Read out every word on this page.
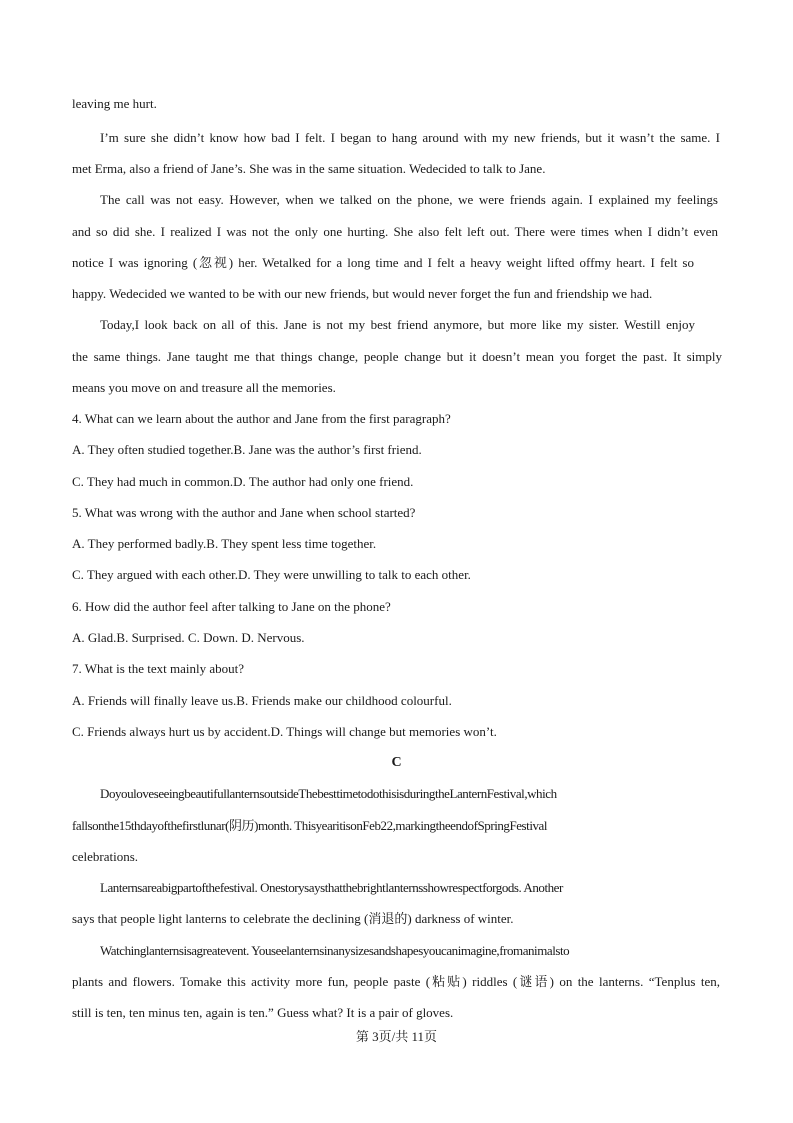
leaving me hurt.
I’m sure she didn’t know how bad I felt. I began to hang around with my new friends, but it wasn’t the same. I
met Erma, also a friend of Jane’s. She was in the same situation. Wedecided to talk to Jane.
The call was not easy. However, when we talked on the phone, we were friends again. I explained my feelings
and so did she. I realized I was not the only one hurting. She also felt left out. There were times when I didn’t even
notice I was ignoring (忽视) her. Wetalked for a long time and I felt a heavy weight lifted offmy heart. I felt so
happy. Wedecided we wanted to be with our new friends, but would never forget the fun and friendship we had.
Today,I look back on all of this. Jane is not my best friend anymore, but more like my sister. Westill enjoy
the same things. Jane taught me that things change, people change but it doesn’t mean you forget the past. It simply
means you move on and treasure all the memories.
4. What can we learn about the author and Jane from the first paragraph?
A. They often studied together.B. Jane was the author’s first friend.
C. They had much in common.D. The author had only one friend.
5. What was wrong with the author and Jane when school started?
A. They performed badly.B. They spent less time together.
C. They argued with each other.D. They were unwilling to talk to each other.
6. How did the author feel after talking to Jane on the phone?
A. Glad.B. Surprised. C. Down. D. Nervous.
7. What is the text mainly about?
A. Friends will finally leave us.B. Friends make our childhood colourful.
C. Friends always hurt us by accident.D. Things will change but memories won’t.
C
DoyouloveseeingbeautifullanternsoutsideThebesttimetodothisisduringtheLanternFestival,which
fallsonthe15thdayofthefirstlunar(阴历)month. ThisyearitisonFeb22,markingtheendofSpringFestival
celebrations.
Lanternsareabigpartofthefestival. Onestorysaysthatthebrightlanternsshowrespectforgods. Another
says that people light lanterns to celebrate the declining (消退的) darkness of winter.
Watchinglanternsisagreatevent. Youseelanternsinanysizesandshapesyoucanimagine,fromanimalsto
plants and flowers. Tomake this activity more fun, people paste (粘贴) riddles (谜语) on the lanterns. “Tenplus ten,
still is ten, ten minus ten, again is ten.” Guess what? It is a pair of gloves.
第 3页/共 11页
